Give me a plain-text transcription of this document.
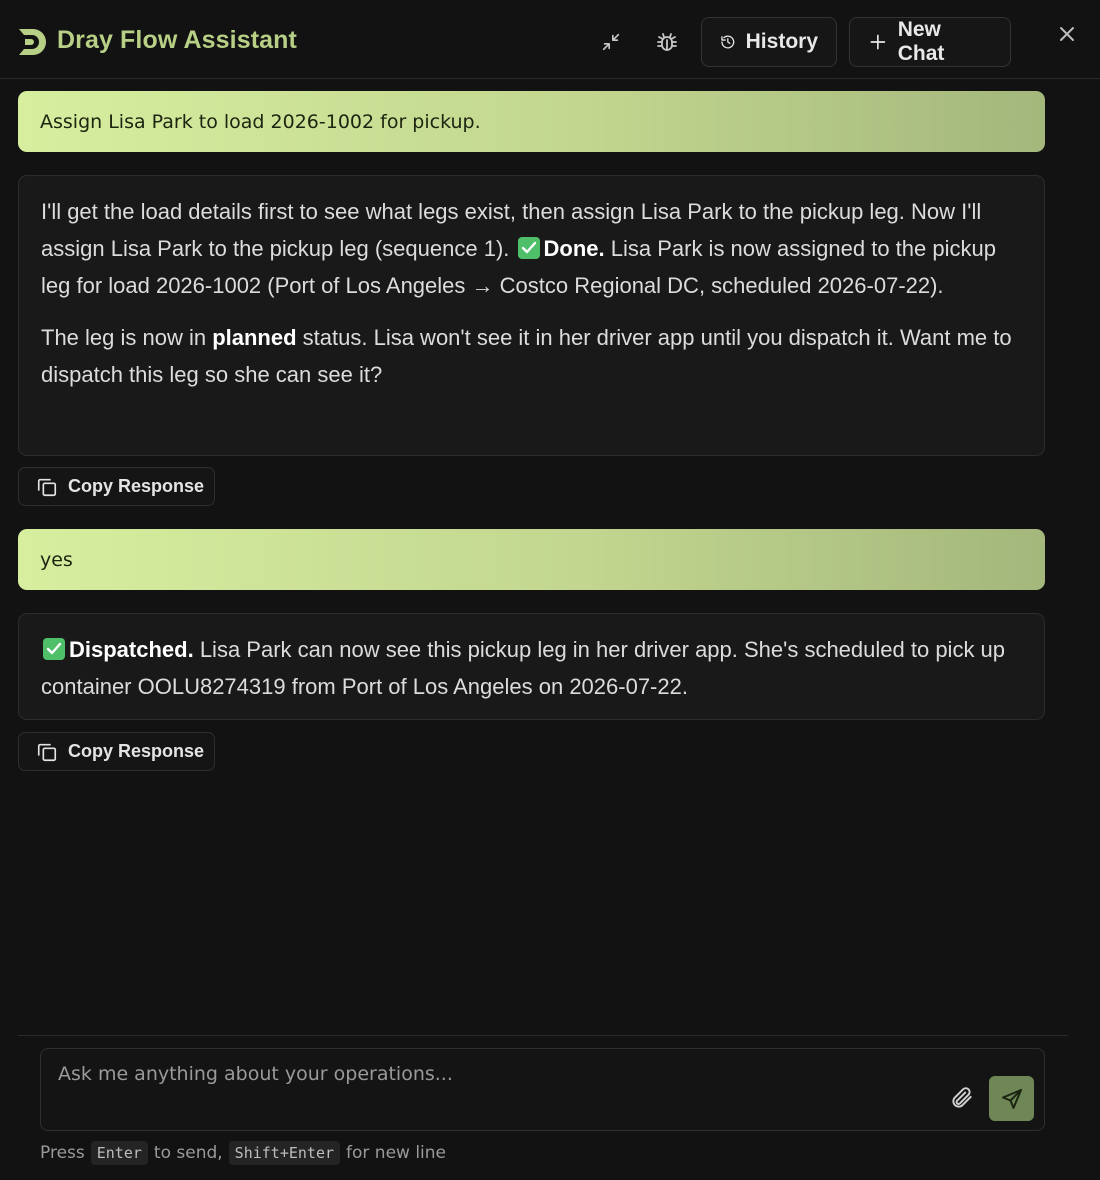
Dray Flow Assistant	History
New Chat
Assign Lisa Park to load 2026-1002 for pickup.

I'll get the load details first to see what legs exist, then assign Lisa Park to the pickup leg. Now I'll assign Lisa Park to the pickup leg (sequence 1).
Done. Lisa Park is now assigned to the pickup leg for load 2026-1002 (Port of Los Angeles → Costco Regional DC, scheduled 2026-07-22).

The leg is now in planned status. Lisa won't see it in her driver app until you dispatch it. Want me to dispatch this leg so she can see it?

Copy Response
yes

Dispatched. Lisa Park can now see this pickup leg in her driver app. She's scheduled to pick up container OOLU8274319 from Port of Los Angeles on 2026-07-22.

Copy Response
Ask me anything about your operations...
Press Enter to send, Shift+Enter for new line
